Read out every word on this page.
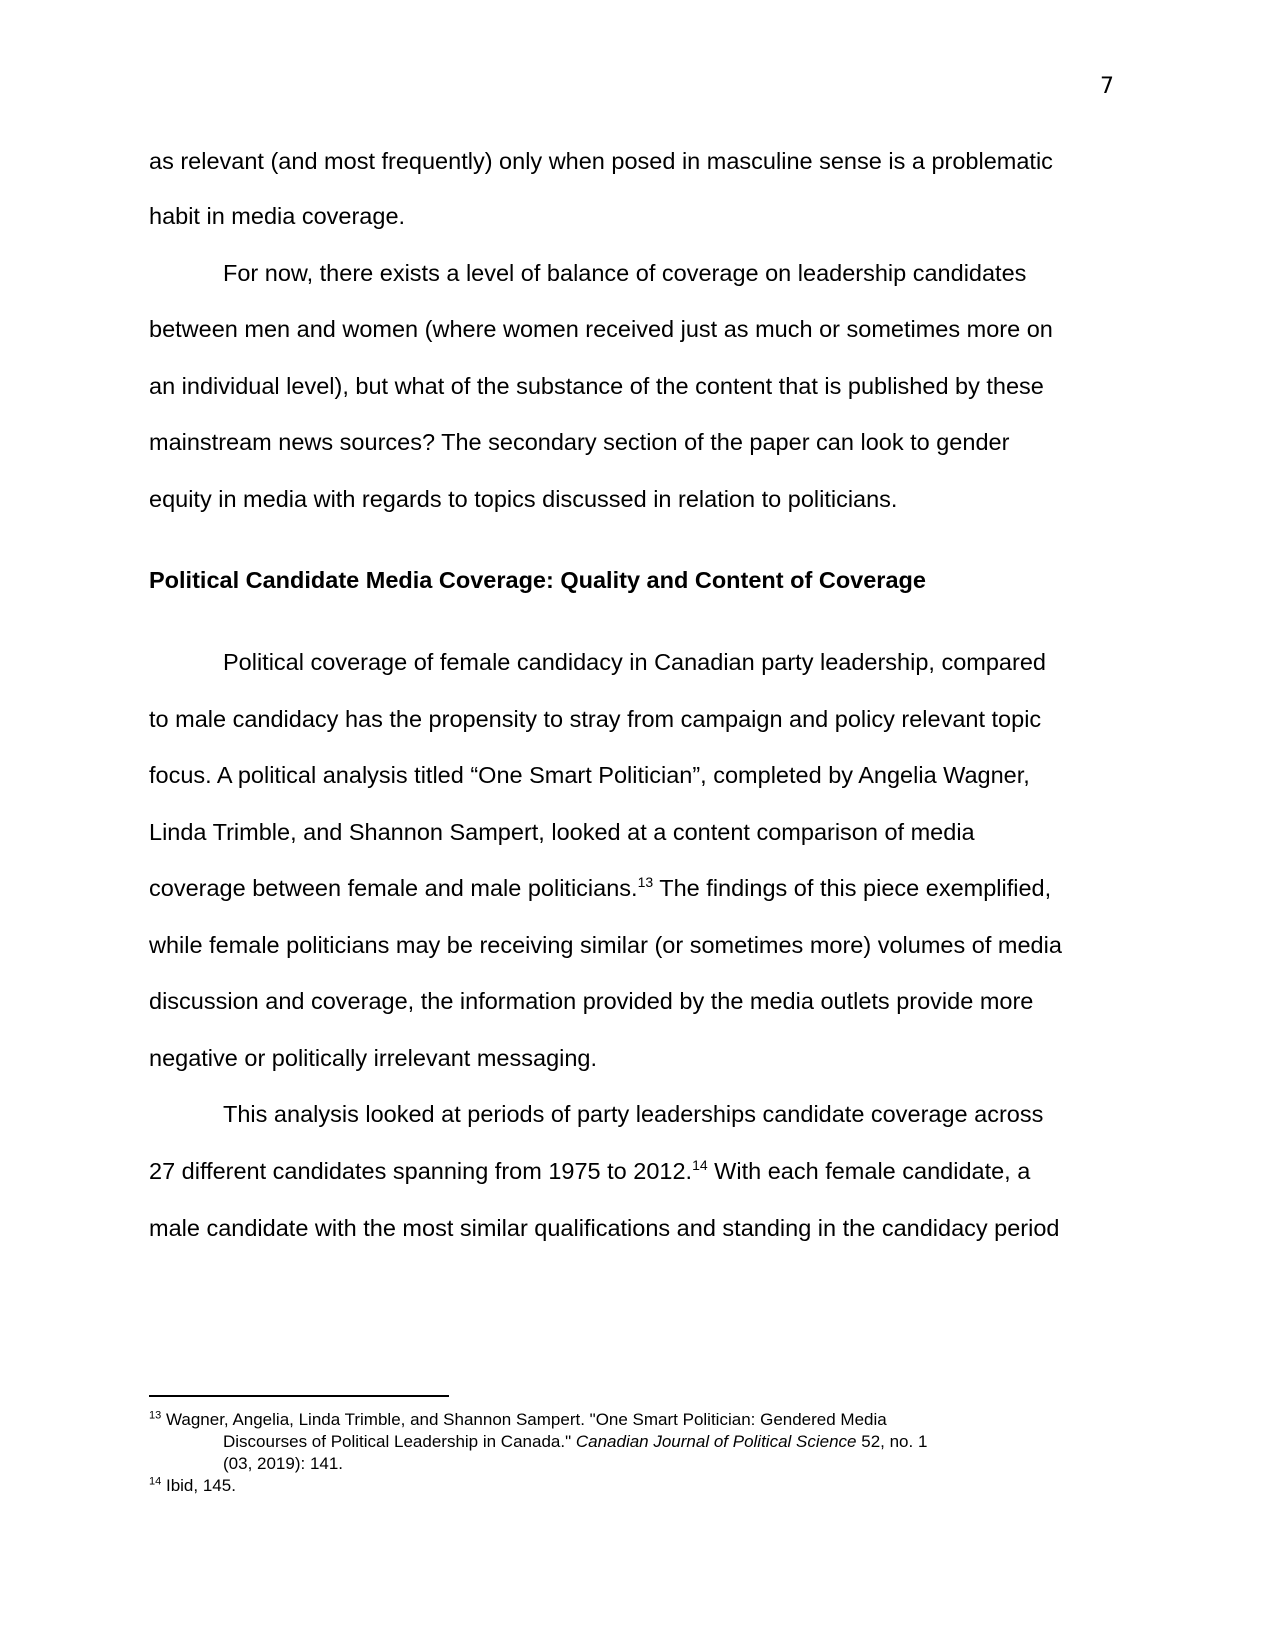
7
as relevant (and most frequently) only when posed in masculine sense is a problematic
habit in media coverage.
For now, there exists a level of balance of coverage on leadership candidates
between men and women (where women received just as much or sometimes more on
an individual level), but what of the substance of the content that is published by these
mainstream news sources? The secondary section of the paper can look to gender
equity in media with regards to topics discussed in relation to politicians.
Political Candidate Media Coverage: Quality and Content of Coverage
Political coverage of female candidacy in Canadian party leadership, compared
to male candidacy has the propensity to stray from campaign and policy relevant topic
focus. A political analysis titled “One Smart Politician”, completed by Angelia Wagner,
Linda Trimble, and Shannon Sampert, looked at a content comparison of media
coverage between female and male politicians.$^{13}$ The findings of this piece exemplified,
while female politicians may be receiving similar (or sometimes more) volumes of media
discussion and coverage, the information provided by the media outlets provide more
negative or politically irrelevant messaging.
This analysis looked at periods of party leaderships candidate coverage across
27 different candidates spanning from 1975 to 2012.14 With each female candidate, a
male candidate with the most similar qualifications and standing in the candidacy period
$^{13}$ Wagner, Angelia, Linda Trimble, and Shannon Sampert. "One Smart Politician: Gendered Media
Discourses of Political Leadership in Canada." Canadian Journal of Political Science 52, no. 1
(03, 2019): 141.
$^{14}$ Ibid, 145.
